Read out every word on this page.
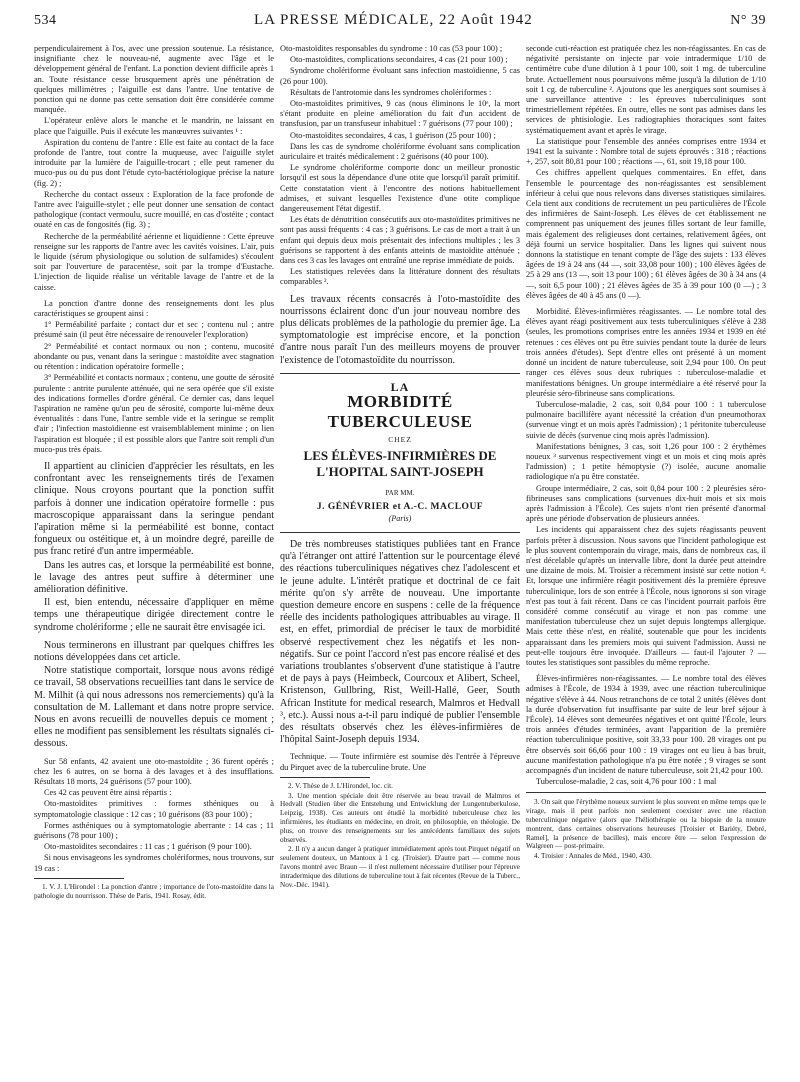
534	LA PRESSE MÉDICALE, 22 Août 1942	N° 39

perpendiculairement à l'os, avec une pression soutenue. La résistance, insignifiante chez le nouveau-né, augmente avec l'âge et le développement général de l'enfant. La ponction devient difficile après 1 an. Toute résistance cesse brusquement après une pénétration de quelques millimètres ; l'aiguille est dans l'antre. Une tentative de ponction qui ne donne pas cette sensation doit être considérée comme manquée.

L'opérateur enlève alors le manche et le mandrin, ne laissant en place que l'aiguille. Puis il exécute les manœuvres suivantes ¹ :

Aspiration du contenu de l'antre : Elle est faite au contact de la face profonde de l'antre, tout contre la muqueuse, avec l'aiguille stylet introduite par la lumière de l'aiguille-trocart ; elle peut ramener du muco-pus ou du pus dont l'étude cyto-bactériologique précise la nature (fig. 2) ;

Recherche du contact osseux : Exploration de la face profonde de l'antre avec l'aiguille-stylet ; elle peut donner une sensation de contact pathologique (contact vermoulu, sucre mouillé, en cas d'ostéite ; contact ouaté en cas de fongosités (fig. 3) ;

Recherche de la perméabilité aérienne et liquidienne : Cette épreuve renseigne sur les rapports de l'antre avec les cavités voisines. L'air, puis le liquide (sérum physiologique ou solution de sulfamides) s'écoulent soit par l'ouverture de paracentèse, soit par la trompe d'Eustache. L'injection de liquide réalise un véritable lavage de l'antre et de la caisse.

La ponction d'antre donne des renseignements dont les plus caractéristiques se groupent ainsi :

1° Perméabilité parfaite ; contact dur et sec ; contenu nul ; antre présumé sain (il peut être nécessaire de renouveler l'exploration)

2° Perméabilité et contact normaux ou non ; contenu, mucosité abondante ou pus, venant dans la seringue : mastoïdite avec stagnation ou rétention : indication opératoire formelle ;

3° Perméabilité et contacts normaux ; contenu, une goutte de sérosité purulente : antrite purulente atténuée, qui ne sera opérée que s'il existe des indications formelles d'ordre général. Ce dernier cas, dans lequel l'aspiration ne ramène qu'un peu de sérosité, comporte lui-même deux éventualités : dans l'une, l'antre semble vide et la seringue se remplit d'air ; l'infection mastoïdienne est vraisemblablement minime ; on lien l'aspiration est bloquée ; il est possible alors que l'antre soit rempli d'un muco-pus très épais.

Il appartient au clinicien d'apprécier les résultats, en les confrontant avec les renseignements tirés de l'examen clinique. Nous croyons pourtant que la ponction suffit parfois à donner une indication opératoire formelle : pus macroscopique apparaissant dans la seringue pendant l'apiration même si la perméabilité est bonne, contact fongueux ou ostéitique et, à un moindre degré, pareille de pus franc retiré d'un antre imperméable.

Dans les autres cas, et lorsque la perméabilité est bonne, le lavage des antres peut suffire à déterminer une amélioration définitive.

Il est, bien entendu, nécessaire d'appliquer en même temps une thérapeutique dirigée directement contre le syndrome cholériforme ; elle ne saurait être envisagée ici.

Nous terminerons en illustrant par quelques chiffres les notions développées dans cet article.

Notre statistique comportait, lorsque nous avons rédigé ce travail, 58 observations recueillies tant dans le service de M. Milhit (à qui nous adressons nos remerciements) qu'à la consultation de M. Lallemant et dans notre propre service. Nous en avons recueilli de nouvelles depuis ce moment ; elles ne modifient pas sensiblement les résultats signalés ci-dessous.

Sur 58 enfants, 42 avaient une oto-mastoïdite ; 36 furent opérés ; chez les 6 autres, on se borna à des lavages et à des insufflations. Résultats 18 morts, 24 guérisons (57 pour 100).

Ces 42 cas peuvent être ainsi répartis :

Oto-mastoïdites primitives : formes sthéniques ou à symptomatologie classique : 12 cas ; 10 guérisons (83 pour 100) ;

Formes asthéniques ou à symptomatologie aberrante : 14 cas ; 11 guérisons (78 pour 100) ;

Oto-mastoïdites secondaires : 11 cas ; 1 guérison (9 pour 100).

Si nous envisageons les syndromes cholériformes, nous trouvons, sur 19 cas :

1. V. J. L'Hirondel : La ponction d'antre ; importance de l'oto-mastoïdite dans la pathologie du nourrisson. Thèse de Paris, 1941. Rosay, édit.

Oto-mastoïdites responsables du syndrome : 10 cas (53 pour 100) ;

Oto-mastoïdites, complications secondaires, 4 cas (21 pour 100) ;

Syndrome cholériforme évoluant sans infection mastoïdienne, 5 cas (26 pour 100).

Résultats de l'antrotomie dans les syndromes cholériformes :

Oto-mastoïdites primitives, 9 cas (nous éliminons le 10ᵉ, la mort s'étant produite en pleine amélioration du fait d'un accident de transfusion, par un transfuseur inhabituel : 7 guérisons (77 pour 100) ;

Oto-mastoïdites secondaires, 4 cas, 1 guérison (25 pour 100) ;

Dans les cas de syndrome cholériforme évoluant sans complication auriculaire et traités médicalement : 2 guérisons (40 pour 100).

Le syndrome cholériforme comporte donc un meilleur pronostic lorsqu'il est sous la dépendance d'une otite que lorsqu'il paraît primitif. Cette constatation vient à l'encontre des notions habituellement admises, et suivant lesquelles l'existence d'une otite complique dangereusement l'état digestif.

Les états de dénutrition consécutifs aux oto-mastoïdites primitives ne sont pas aussi fréquents : 4 cas ; 3 guérisons. Le cas de mort a trait à un enfant qui depuis deux mois présentait des infections multiples ; les 3 guérisons se rapportent à des enfants atteints de mastoïdite atténuée ; dans ces 3 cas les lavages ont entraîné une reprise immédiate de poids.

Les statistiques relevées dans la littérature donnent des résultats comparables ².

Les travaux récents consacrés à l'oto-mastoïdite des nourrissons éclairent donc d'un jour nouveau nombre des plus délicats problèmes de la pathologie du premier âge. La symptomatologie est imprécise encore, et la ponction d'antre nous paraît l'un des meilleurs moyens de prouver l'existence de l'otomastoïdite du nourrisson.

LA
MORBIDITÉ TUBERCULEUSE
CHEZ
LES ÉLÈVES-INFIRMIÈRES DE L'HOPITAL SAINT-JOSEPH
PAR MM.
J. GÉNÉVRIER et A.-C. MACLOUF
(Paris)

De très nombreuses statistiques publiées tant en France qu'à l'étranger ont attiré l'attention sur le pourcentage élevé des réactions tuberculiniques négatives chez l'adolescent et le jeune adulte. L'intérêt pratique et doctrinal de ce fait mérite qu'on s'y arrête de nouveau. Une importante question demeure encore en suspens : celle de la fréquence réelle des incidents pathologiques attribuables au virage. Il est, en effet, primordial de préciser le taux de morbidité observé respectivement chez les négatifs et les non-négatifs. Sur ce point l'accord n'est pas encore réalisé et des variations troublantes s'observent d'une statistique à l'autre et de pays à pays (Heimbeck, Courcoux et Alibert, Scheel, Kristenson, Gullbring, Rist, Weill-Hallé, Geer, South African Institute for medical research, Malmros et Hedvall ³, etc.). Aussi nous a-t-il paru indiqué de publier l'ensemble des résultats observés chez les élèves-infirmières de l'hôpital Saint-Joseph depuis 1934.

Technique. — Toute infirmière est soumise dès l'entrée à l'épreuve du Pirquet avec de la tuberculine brute. Une

2. V. Thèse de J. L'Hirondel, loc. cit.

3. Une mention spéciale doit être réservée au beau travail de Malmros et Hedvall (Studien über die Entstehung und Entwicklung der Lungentuberkulose, Leipzig, 1938). Ces auteurs ont étudié la morbidité tuberculeuse chez les infirmières, les étudiants en médecine, en droit, en philosophie, en théologie. De plus, on trouve des renseignements sur les antécédents familiaux des sujets observés.

2. Il n'y a aucun danger à pratiquer immédiatement après tout Pirquet négatif on seulement douteux, un Mantoux à 1 cg. (Troisier). D'autre part — comme nous l'avons montré avec Braun — il n'est nullement nécessaire d'utiliser pour l'épreuve intradermique des dilutions de tuberculine tout à fait récentes (Revue de la Tuberc., Nov.-Déc. 1941).

seconde cuti-réaction est pratiquée chez les non-réagissantes. En cas de négativité persistante on injecte par voie intradermique 1/10 de centimètre cube d'une dilution à 1 pour 100, soit 1 mg. de tuberculine brute. Actuellement nous poursuivons même jusqu'à la dilution de 1/10 soit 1 cg. de tuberculine ². Ajoutons que les anergiques sont soumises à une surveillance attentive : les épreuves tuberculiniques sont trimestriellement répétées. En outre, elles ne sont pas admises dans les services de phtisiologie. Les radiographies thoraciques sont faites systématiquement avant et après le virage.

La statistique pour l'ensemble des années comprises entre 1934 et 1941 est la suivante : Nombre total de sujets éprouvés : 318 ; réactions +, 257, soit 80,81 pour 100 ; réactions —, 61, soit 19,18 pour 100.

Ces chiffres appellent quelques commentaires. En effet, dans l'ensemble le pourcentage des non-réagissantes est sensiblement inférieur à celui que nous relevons dans diverses statistiques similaires. Cela tient aux conditions de recrutement un peu particulières de l'École des infirmières de Saint-Joseph. Les élèves de cet établissement ne comprennent pas uniquement des jeunes filles sortant de leur famille, mais également des religieuses dont certaines, relativement âgées, ont déjà fourni un service hospitalier. Dans les lignes qui suivent nous donnons la statistique en tenant compte de l'âge des sujets : 133 élèves âgées de 19 à 24 ans (44 —, soit 33,08 pour 100) ; 100 élèves âgées de 25 à 29 ans (13 —, soit 13 pour 100) ; 61 élèves âgées de 30 à 34 ans (4 —, soit 6,5 pour 100) ; 21 élèves âgées de 35 à 39 pour 100 (0 —) ; 3 élèves âgées de 40 à 45 ans (0 —).

Morbidité. Élèves-infirmières réagissantes. — Le nombre total des élèves ayant réagi positivement aux tests tuberculiniques s'élève à 238 (seules, les promotions comprises entre les années 1934 et 1939 en été retenues : ces élèves ont pu être suivies pendant toute la durée de leurs trois années d'études). Sept d'entre elles ont présenté à un moment donné un incident de nature tuberculeuse, soit 2,94 pour 100. On peut ranger ces élèves sous deux rubriques : tuberculose-maladie et manifestations bénignes. Un groupe intermédiaire a été réservé pour la pleurésie séro-fibrineuse sans complications.

Tuberculose-maladie, 2 cas, soit 0,84 pour 100 : 1 tuberculose pulmonaire bacillifère ayant nécessité la création d'un pneumothorax (survenue vingt et un mois après l'admission) ; 1 péritonite tuberculeuse suivie de décès (survenue cinq mois après l'admission).

Manifestations bénignes, 3 cas, soit 1,26 pour 100 : 2 érythèmes noueux ³ survenus respectivement vingt et un mois et cinq mois après l'admission) ; 1 petite hémoptysie (?) isolée, aucune anomalie radiologique n'a pu être constatée.

Groupe intermédiaire, 2 cas, soit 0,84 pour 100 : 2 pleurésies séro-fibrineuses sans complications (survenues dix-huit mois et six mois après l'admission à l'École). Ces sujets n'ont rien présenté d'anormal après une période d'observation de plusieurs années.

Les incidents qui apparaissent chez des sujets réagissants peuvent parfois prêter à discussion. Nous savons que l'incident pathologique est le plus souvent contemporain du virage, mais, dans de nombreux cas, il n'est décelable qu'après un intervalle libre, dont la durée peut atteindre une dizaine de mois. M. Troisier a récemment insisté sur cette notion ⁴. Et, lorsque une infirmière réagit positivement dès la première épreuve tuberculinique, lors de son entrée à l'École, nous ignorons si son virage n'est pas tout à fait récent. Dans ce cas l'incident pourrait parfois être considéré comme consécutif au virage et non pas comme une manifestation tuberculeuse chez un sujet depuis longtemps allergique. Mais cette thèse n'est, en réalité, soutenable que pour les incidents apparaissant dans les premiers mois qui suivent l'admission. Aussi ne peut-elle toujours être invoquée. D'ailleurs — faut-il l'ajouter ? — toutes les statistiques sont passibles du même reproche.

Élèves-infirmières non-réagissantes. — Le nombre total des élèves admises à l'École, de 1934 à 1939, avec une réaction tuberculinique négative s'élève à 44. Nous retranchons de ce total 2 unités (élèves dont la durée d'observation fut insuffisante par suite de leur bref séjour à l'École). 14 élèves sont demeurées négatives et ont quitté l'École, leurs trois années d'études terminées, avant l'apparition de la première réaction tuberculinique positive, soit 33,33 pour 100. 28 virages ont pu être observés soit 66,66 pour 100 : 19 virages ont eu lieu à bas bruit, aucune manifestation pathologique n'a pu être notée ; 9 virages se sont accompagnés d'un incident de nature tuberculeuse, soit 21,42 pour 100.

Tuberculose-maladie, 2 cas, soit 4,76 pour 100 : 1 mal

3. On sait que l'érythème noueux survient le plus souvent en même temps que le virage, mais il peut parfois non seulement coexister avec une réaction tuberculinique négative (alors que l'héliothérapie ou la biopsie de la nouure montrent, dans certaines observations heureuses [Troisier et Bariéty, Debré, Ramel], la présence de bacilles), mais encore être — selon l'expression de Walgreen — post-primaire.

4. Troisier : Annales de Méd., 1940, 430.
